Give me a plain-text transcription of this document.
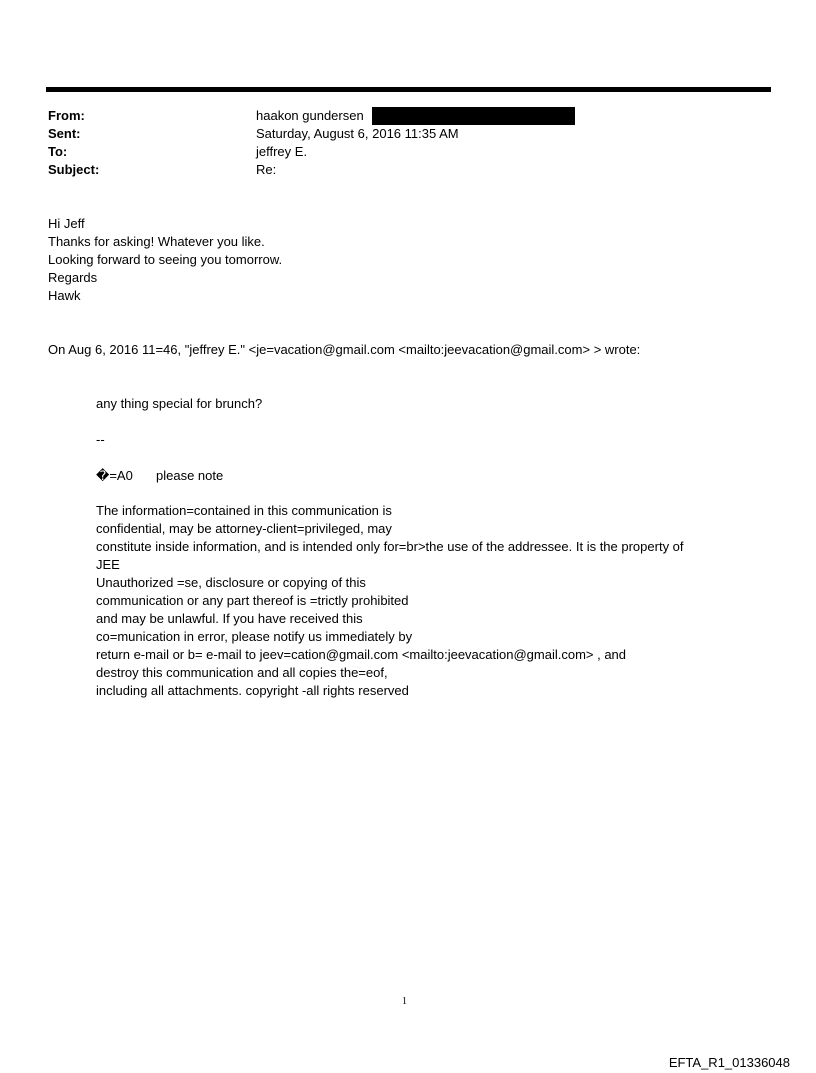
From:	haakon gundersen
Sent:	Saturday, August 6, 2016 11:35 AM
To:	jeffrey E.
Subject:	Re:
Hi Jeff
Thanks for asking! Whatever you like.
Looking forward to seeing you tomorrow.
Regards
Hawk
On Aug 6, 2016 11=46, "jeffrey E." <je=vacation@gmail.com <mailto:jeevacation@gmail.com> > wrote:
any thing special for brunch?
--
�=A0 please note
The information=contained in this communication is
confidential, may be attorney-client=privileged, may
constitute inside information, and is intended only for=br>the use of the addressee. It is the property of
JEE
Unauthorized =se, disclosure or copying of this
communication or any part thereof is =trictly prohibited
and may be unlawful. If you have received this
co=munication in error, please notify us immediately by
return e-mail or b= e-mail to jeev=cation@gmail.com <mailto:jeevacation@gmail.com> , and
destroy this communication and all copies the=eof,
including all attachments. copyright -all rights reserved
1
EFTA_R1_01336048
